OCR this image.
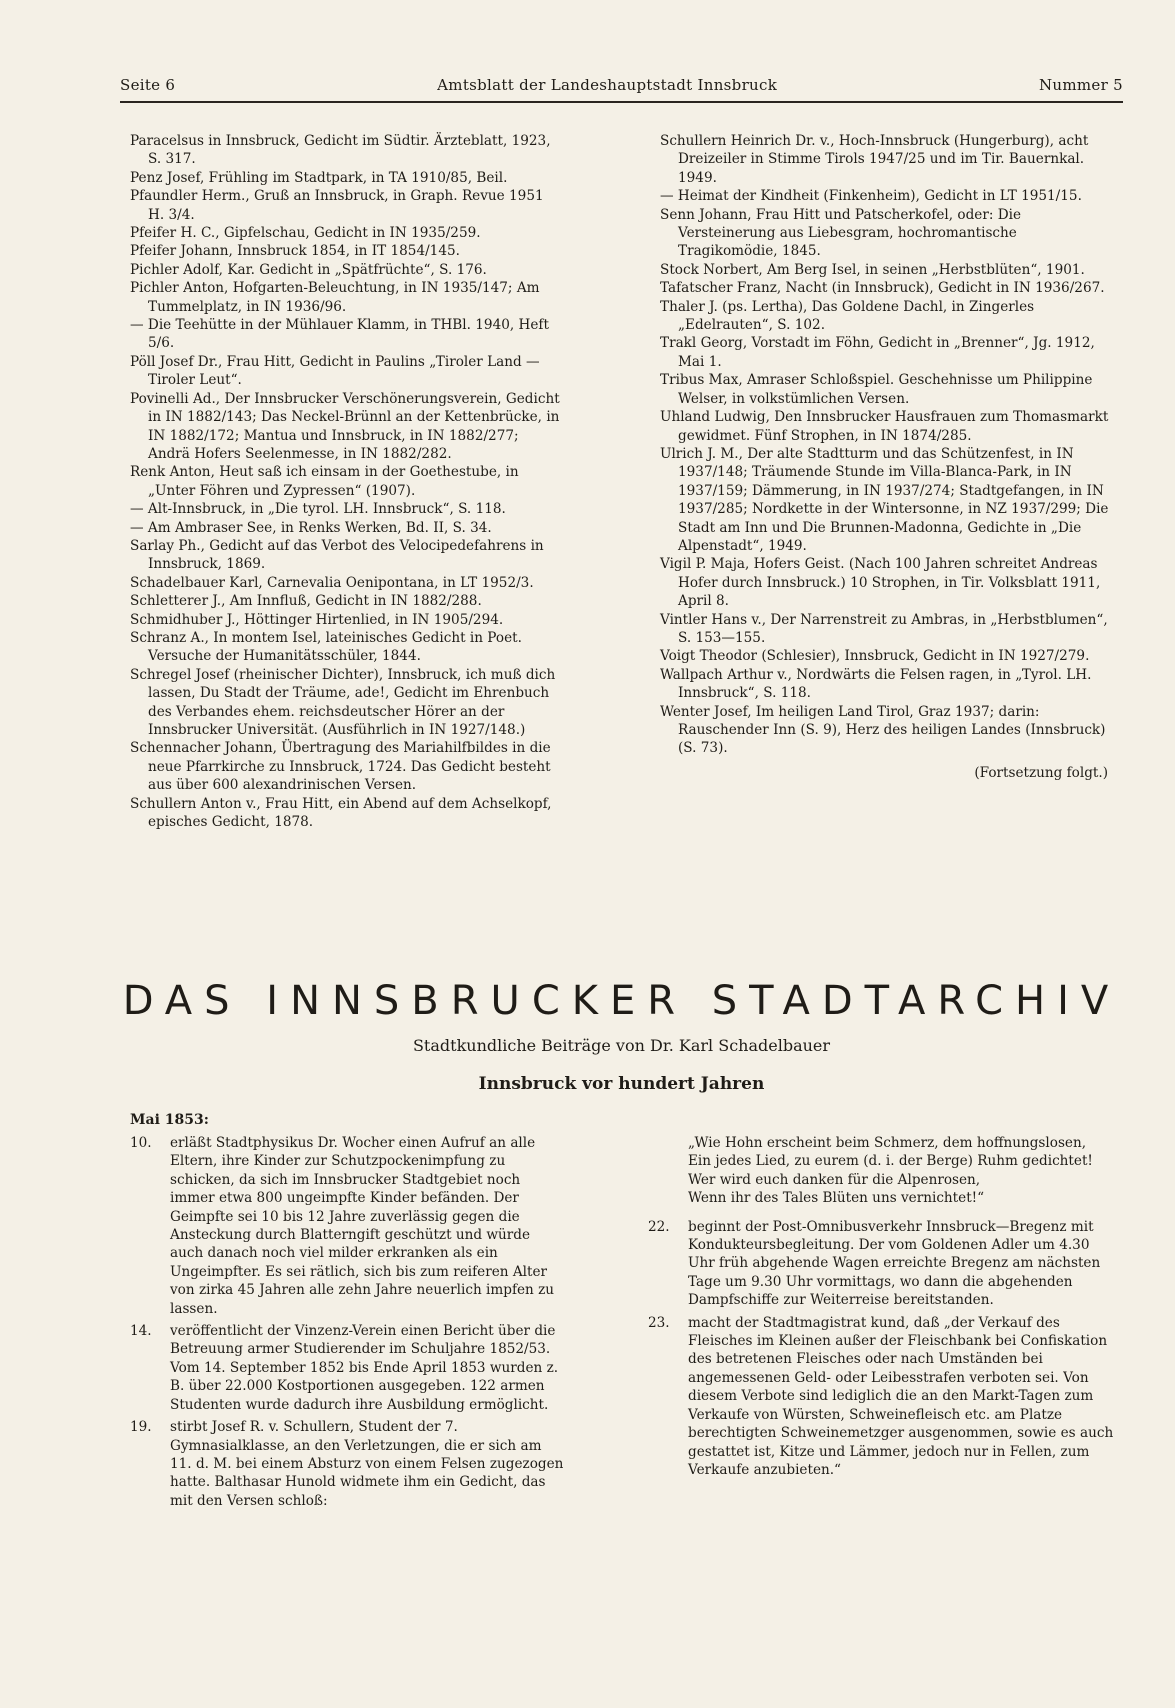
Seite 6	Amtsblatt der Landeshauptstadt Innsbruck	Nummer 5

Paracelsus in Innsbruck, Gedicht im Südtir. Ärzteblatt, 1923, S. 317.

Penz Josef, Frühling im Stadtpark, in TA 1910/85, Beil.

Pfaundler Herm., Gruß an Innsbruck, in Graph. Revue 1951 H. 3/4.

Pfeifer H. C., Gipfelschau, Gedicht in IN 1935/259.

Pfeifer Johann, Innsbruck 1854, in IT 1854/145.

Pichler Adolf, Kar. Gedicht in „Spätfrüchte“, S. 176.

Pichler Anton, Hofgarten-Beleuchtung, in IN 1935/147; Am Tummelplatz, in IN 1936/96.

— Die Teehütte in der Mühlauer Klamm, in THBl. 1940, Heft 5/6.

Pöll Josef Dr., Frau Hitt, Gedicht in Paulins „Tiroler Land — Tiroler Leut“.

Povinelli Ad., Der Innsbrucker Verschönerungsverein, Gedicht in IN 1882/143; Das Neckel-Brünnl an der Kettenbrücke, in IN 1882/172; Mantua und Innsbruck, in IN 1882/277; Andrä Hofers Seelenmesse, in IN 1882/282.

Renk Anton, Heut saß ich einsam in der Goethestube, in „Unter Föhren und Zypressen“ (1907).

— Alt-Innsbruck, in „Die tyrol. LH. Innsbruck“, S. 118.

— Am Ambraser See, in Renks Werken, Bd. II, S. 34.

Sarlay Ph., Gedicht auf das Verbot des Velocipedefahrens in Innsbruck, 1869.

Schadelbauer Karl, Carnevalia Oenipontana, in LT 1952/3.

Schletterer J., Am Innfluß, Gedicht in IN 1882/288.

Schmidhuber J., Höttinger Hirtenlied, in IN 1905/294.

Schranz A., In montem Isel, lateinisches Gedicht in Poet. Versuche der Humanitätsschüler, 1844.

Schregel Josef (rheinischer Dichter), Innsbruck, ich muß dich lassen, Du Stadt der Träume, ade!, Gedicht im Ehrenbuch des Verbandes ehem. reichsdeutscher Hörer an der Innsbrucker Universität. (Ausführlich in IN 1927/148.)

Schennacher Johann, Übertragung des Mariahilfbildes in die neue Pfarrkirche zu Innsbruck, 1724. Das Gedicht besteht aus über 600 alexandrinischen Versen.

Schullern Anton v., Frau Hitt, ein Abend auf dem Achselkopf, episches Gedicht, 1878.

Schullern Heinrich Dr. v., Hoch-Innsbruck (Hungerburg), acht Dreizeiler in Stimme Tirols 1947/25 und im Tir. Bauernkal. 1949.

— Heimat der Kindheit (Finkenheim), Gedicht in LT 1951/15.

Senn Johann, Frau Hitt und Patscherkofel, oder: Die Versteinerung aus Liebesgram, hochromantische Tragikomödie, 1845.

Stock Norbert, Am Berg Isel, in seinen „Herbstblüten“, 1901.

Tafatscher Franz, Nacht (in Innsbruck), Gedicht in IN 1936/267.

Thaler J. (ps. Lertha), Das Goldene Dachl, in Zingerles „Edelrauten“, S. 102.

Trakl Georg, Vorstadt im Föhn, Gedicht in „Brenner“, Jg. 1912, Mai 1.

Tribus Max, Amraser Schloßspiel. Geschehnisse um Philippine Welser, in volkstümlichen Versen.

Uhland Ludwig, Den Innsbrucker Hausfrauen zum Thomasmarkt gewidmet. Fünf Strophen, in IN 1874/285.

Ulrich J. M., Der alte Stadtturm und das Schützenfest, in IN 1937/148; Träumende Stunde im Villa-Blanca-Park, in IN 1937/159; Dämmerung, in IN 1937/274; Stadtgefangen, in IN 1937/285; Nordkette in der Wintersonne, in NZ 1937/299; Die Stadt am Inn und Die Brunnen-Madonna, Gedichte in „Die Alpenstadt“, 1949.

Vigil P. Maja, Hofers Geist. (Nach 100 Jahren schreitet Andreas Hofer durch Innsbruck.) 10 Strophen, in Tir. Volksblatt 1911, April 8.

Vintler Hans v., Der Narrenstreit zu Ambras, in „Herbstblumen“, S. 153—155.

Voigt Theodor (Schlesier), Innsbruck, Gedicht in IN 1927/279.

Wallpach Arthur v., Nordwärts die Felsen ragen, in „Tyrol. LH. Innsbruck“, S. 118.

Wenter Josef, Im heiligen Land Tirol, Graz 1937; darin: Rauschender Inn (S. 9), Herz des heiligen Landes (Innsbruck) (S. 73).

(Fortsetzung folgt.)

DAS INNSBRUCKER STADTARCHIV

Stadtkundliche Beiträge von Dr. Karl Schadelbauer

Innsbruck vor hundert Jahren

Mai 1853:

10.	erläßt Stadtphysikus Dr. Wocher einen Aufruf an alle Eltern, ihre Kinder zur Schutzpockenimpfung zu schicken, da sich im Innsbrucker Stadtgebiet noch immer etwa 800 ungeimpfte Kinder befänden. Der Geimpfte sei 10 bis 12 Jahre zuverlässig gegen die Ansteckung durch Blatterngift geschützt und würde auch danach noch viel milder erkranken als ein Ungeimpfter. Es sei rätlich, sich bis zum reiferen Alter von zirka 45 Jahren alle zehn Jahre neuerlich impfen zu lassen.

14.	veröffentlicht der Vinzenz-Verein einen Bericht über die Betreuung armer Studierender im Schuljahre 1852/53. Vom 14. September 1852 bis Ende April 1853 wurden z. B. über 22.000 Kostportionen ausgegeben. 122 armen Studenten wurde dadurch ihre Ausbildung ermöglicht.

19.	stirbt Josef R. v. Schullern, Student der 7. Gymnasialklasse, an den Verletzungen, die er sich am 11. d. M. bei einem Absturz von einem Felsen zugezogen hatte. Balthasar Hunold widmete ihm ein Gedicht, das mit den Versen schloß:

„Wie Hohn erscheint beim Schmerz, dem hoffnungslosen,

Ein jedes Lied, zu eurem (d. i. der Berge) Ruhm gedichtet!

Wer wird euch danken für die Alpenrosen,

Wenn ihr des Tales Blüten uns vernichtet!“

22.	beginnt der Post-Omnibusverkehr Innsbruck—Bregenz mit Kondukteursbegleitung. Der vom Goldenen Adler um 4.30 Uhr früh abgehende Wagen erreichte Bregenz am nächsten Tage um 9.30 Uhr vormittags, wo dann die abgehenden Dampfschiffe zur Weiterreise bereitstanden.

23.	macht der Stadtmagistrat kund, daß „der Verkauf des Fleisches im Kleinen außer der Fleischbank bei Confiskation des betretenen Fleisches oder nach Umständen bei angemessenen Geld- oder Leibesstrafen verboten sei. Von diesem Verbote sind lediglich die an den Markt-Tagen zum Verkaufe von Würsten, Schweinefleisch etc. am Platze berechtigten Schweinemetzger ausgenommen, sowie es auch gestattet ist, Kitze und Lämmer, jedoch nur in Fellen, zum Verkaufe anzubieten.“
